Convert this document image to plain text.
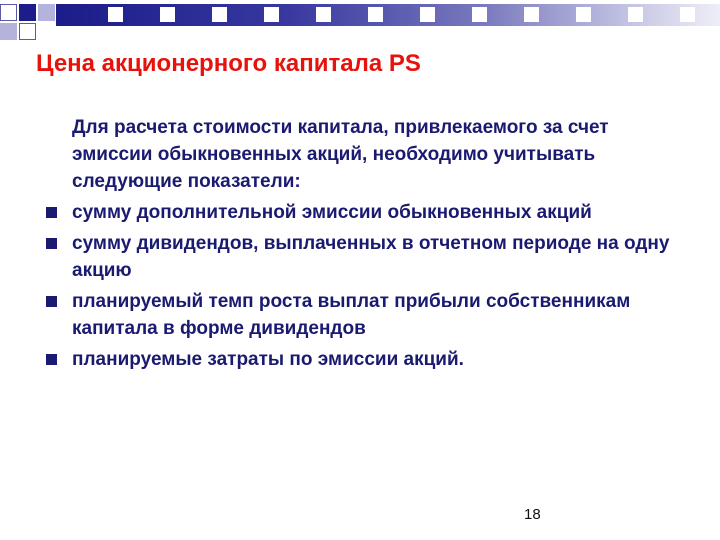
Цена акционерного капитала PS

Для расчета стоимости капитала, привлекаемого за счет эмиссии обыкновенных акций, необходимо учитывать следующие показатели:

сумму дополнительной эмиссии обыкновенных акций
сумму дивидендов, выплаченных в отчетном периоде на одну акцию
планируемый темп роста выплат прибыли собственникам капитала в форме дивидендов
планируемые затраты по эмиссии акций.
18
